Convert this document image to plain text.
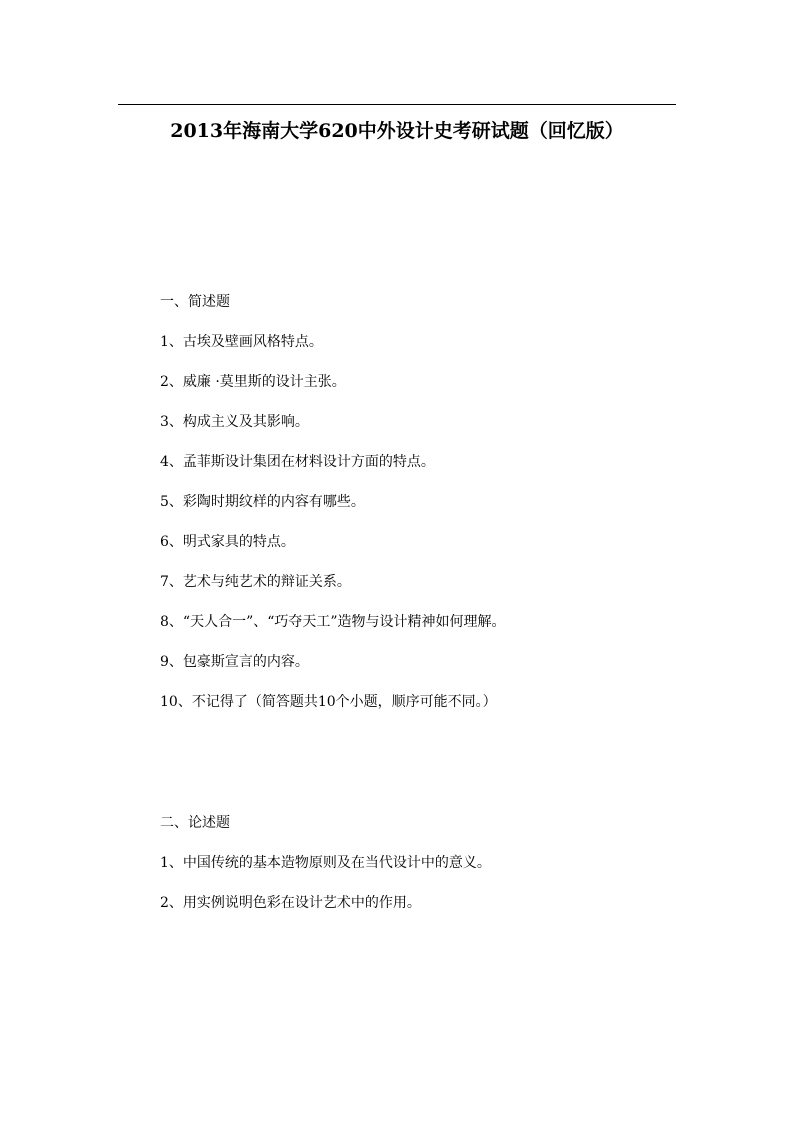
2013年海南大学620中外设计史考研试题（回忆版）
一、简述题
1、古埃及壁画风格特点。
2、威廉 ·莫里斯的设计主张。
3、构成主义及其影响。
4、孟菲斯设计集团在材料设计方面的特点。
5、彩陶时期纹样的内容有哪些。
6、明式家具的特点。
7、艺术与纯艺术的辩证关系。
8、“天人合一”、“巧夺天工”造物与设计精神如何理解。
9、包豪斯宣言的内容。
10、不记得了（简答题共10个小题，顺序可能不同。）
二、论述题
1、中国传统的基本造物原则及在当代设计中的意义。
2、用实例说明色彩在设计艺术中的作用。
